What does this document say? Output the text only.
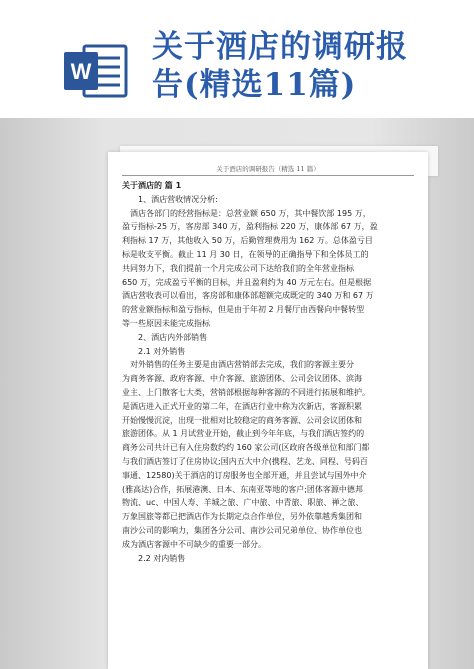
W
关于酒店的调研报
告(精选11篇)
关于酒店的调研报告（精选 11 篇）

关于酒店的 篇 1

1、酒店营收情况分析:

酒店各部门的经营指标是：总营业额 650 万，其中餐饮部 195 万，

盈亏指标-25 万，客房部 340 万，盈利指标 220 万，康体部 67 万，盈

利指标 17 万，其他收入 50 万，后勤管理费用为 162 万。总体盈亏目

标是收支平衡。截止 11 月 30 日，在领导的正确指导下和全体员工的

共同努力下，我们提前一个月完成公司下达给我们的全年营业指标

650 万，完成盈亏平衡的目标，并且盈利约为 40 万元左右。但是根据

酒店营收表可以看出，客房部和康体部超额完成既定的 340 万和 67 万

的营业额指标和盈亏指标，但是由于年初 2 月餐厅由西餐向中餐转型

等一些原因未能完成指标

2、酒店内外部销售

2.1 对外销售

对外销售的任务主要是由酒店营销部去完成，我们的客源主要分

为商务客源、政府客源、中介客源、旅游团体、公司会议团体、滨海

业主、上门散客七大类，营销部根据每种客源的不同进行拓展和维护。

是酒店进入正式开业的第二年，在酒店行业中称为次新店，客源积累

开始慢慢沉淀，出现一批相对比较稳定的商务客源、公司会议团体和

旅游团体。从 1 月试营业开始，截止到今年年底，与我们酒店签约的

商务公司共计已有入住房数约约 160 家公司(区政府各级单位和部门都

与我们酒店签订了住房协议;国内五大中介(携程、艺龙、同程、号码百

事通、12580)关于酒店的订房服务也全部开通，并且尝试与国外中介

(雅高达)合作，拓展港澳、日本、东南亚等地的客户;团体客源中德邦

物流、uc、中国人寿、羊城之旅、广中旅、中青旅、职旅、禅之旅、

万象国旅等都已把酒店作为长期定点合作单位，另外依靠越秀集团和

南沙公司的影响力，集团各分公司、南沙公司兄弟单位、协作单位也

成为酒店客源中不可缺少的重要一部分。

2.2 对内销售
